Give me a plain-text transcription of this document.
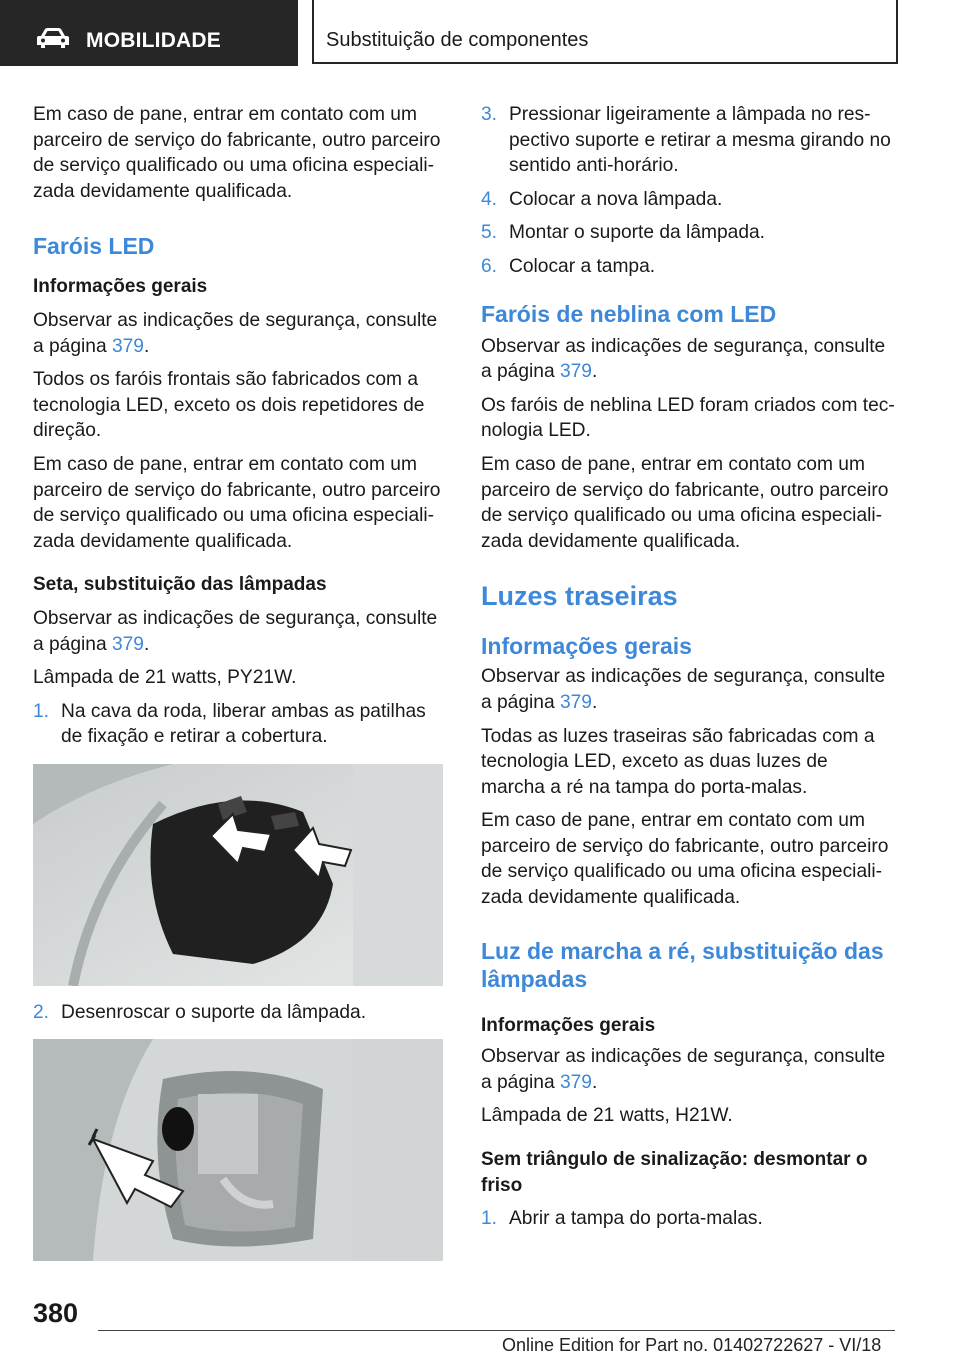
MOBILIDADE	Substituição de componentes

Em caso de pane, entrar em contato com um parceiro de serviço do fabricante, outro parceiro de serviço qualificado ou uma oficina especializada devidamente qualificada.

Faróis LED
Informações gerais

Observar as indicações de segurança, consulte a página 379.

Todos os faróis frontais são fabricados com a tecnologia LED, exceto os dois repetidores de direção.

Em caso de pane, entrar em contato com um parceiro de serviço do fabricante, outro parceiro de serviço qualificado ou uma oficina especializada devidamente qualificada.

Seta, substituição das lâmpadas

Observar as indicações de segurança, consulte a página 379.

Lâmpada de 21 watts, PY21W.

1. Na cava da roda, liberar ambas as patilhas de fixação e retirar a cobertura.
2. Desenroscar o suporte da lâmpada.
3. Pressionar ligeiramente a lâmpada no respectivo suporte e retirar a mesma girando no sentido anti-horário.
4. Colocar a nova lâmpada.
5. Montar o suporte da lâmpada.
6. Colocar a tampa.
Faróis de neblina com LED

Observar as indicações de segurança, consulte a página 379.

Os faróis de neblina LED foram criados com tecnologia LED.

Em caso de pane, entrar em contato com um parceiro de serviço do fabricante, outro parceiro de serviço qualificado ou uma oficina especializada devidamente qualificada.

Luzes traseiras
Informações gerais

Observar as indicações de segurança, consulte a página 379.

Todas as luzes traseiras são fabricadas com a tecnologia LED, exceto as duas luzes de marcha a ré na tampa do porta-malas.

Em caso de pane, entrar em contato com um parceiro de serviço do fabricante, outro parceiro de serviço qualificado ou uma oficina especializada devidamente qualificada.

Luz de marcha a ré, substituição das lâmpadas
Informações gerais

Observar as indicações de segurança, consulte a página 379.

Lâmpada de 21 watts, H21W.

Sem triângulo de sinalização: desmontar o friso
1. Abrir a tampa do porta-malas.
380
Online Edition for Part no. 01402722627 - VI/18
